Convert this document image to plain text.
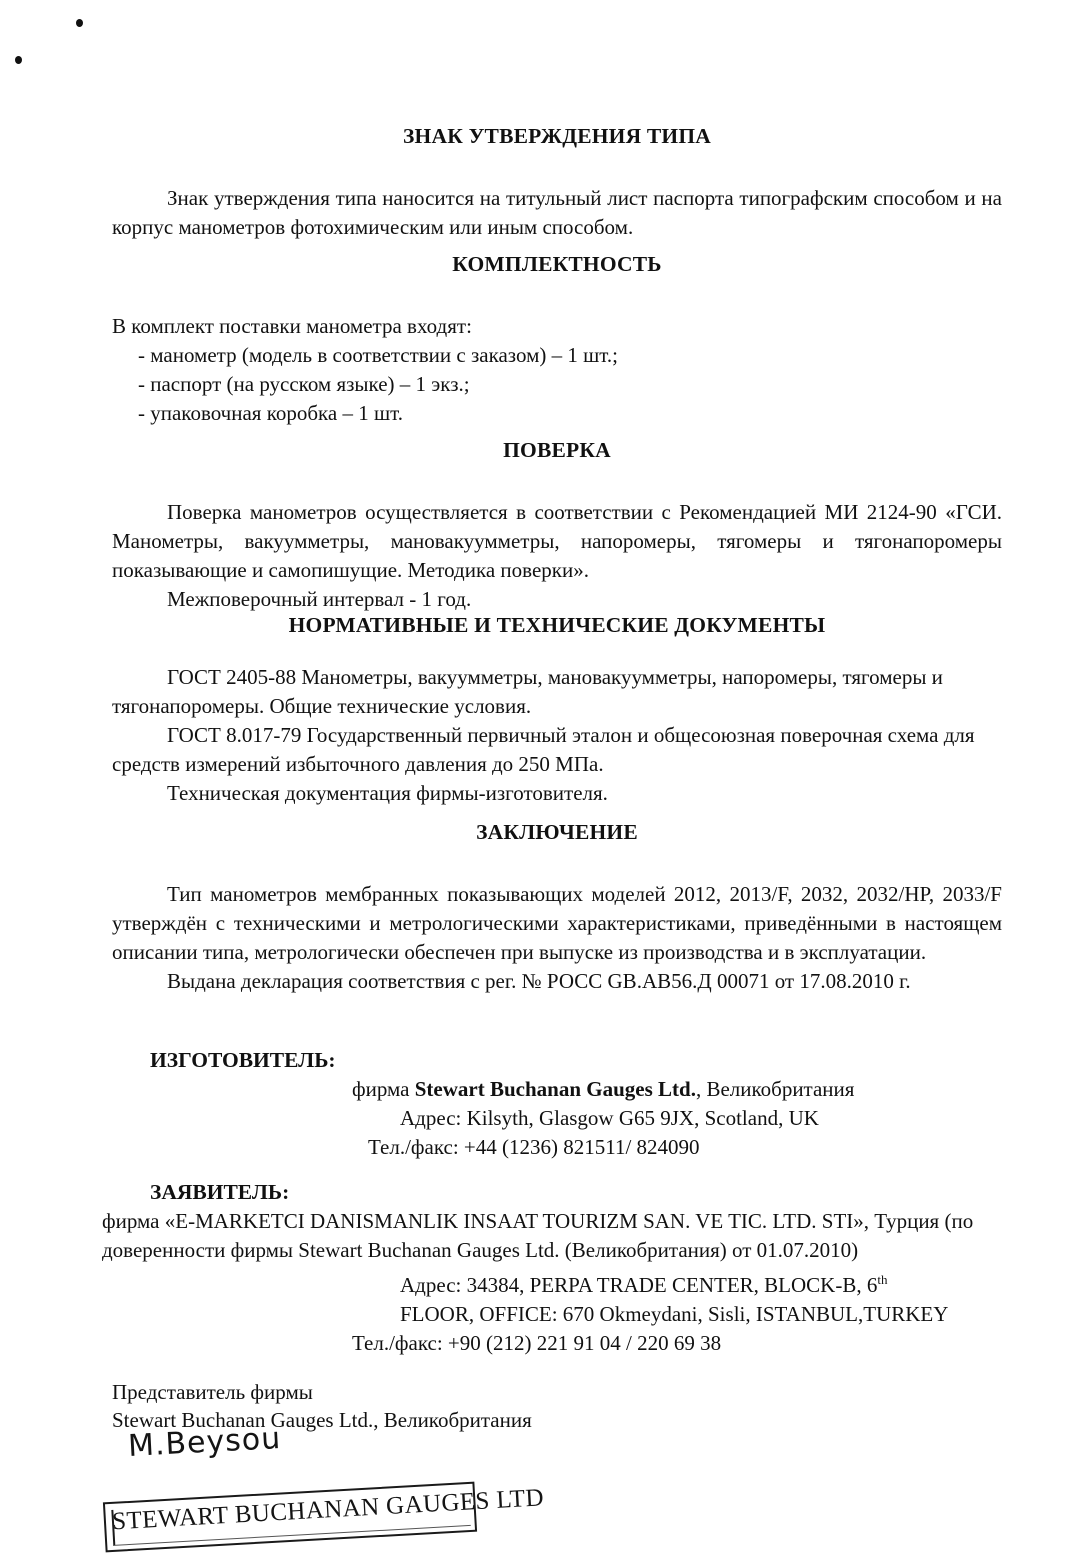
ЗНАК УТВЕРЖДЕНИЯ ТИПА

Знак утверждения типа наносится на титульный лист паспорта типографским способом и на корпус манометров фотохимическим или иным способом.

КОМПЛЕКТНОСТЬ

В комплект поставки манометра входят:

- манометр (модель в соответствии с заказом) – 1 шт.;

- паспорт (на русском языке) – 1 экз.;

- упаковочная коробка – 1 шт.

ПОВЕРКА

Поверка манометров осуществляется в соответствии с Рекомендацией МИ 2124-90 «ГСИ. Манометры, вакуумметры, мановакуумметры, напоромеры, тягомеры и тягонапоромеры показывающие и самопишущие. Методика поверки».

Межповерочный интервал - 1 год.

НОРМАТИВНЫЕ И ТЕХНИЧЕСКИЕ ДОКУМЕНТЫ

ГОСТ 2405-88 Манометры, вакуумметры, мановакуумметры, напоромеры, тягомеры и тягонапоромеры. Общие технические условия.

ГОСТ 8.017-79 Государственный первичный эталон и общесоюзная поверочная схема для средств измерений избыточного давления до 250 МПа.

Техническая документация фирмы-изготовителя.

ЗАКЛЮЧЕНИЕ

Тип манометров мембранных показывающих моделей 2012, 2013/F, 2032, 2032/HP, 2033/F утверждён с техническими и метрологическими характеристиками, приведёнными в настоящем описании типа, метрологически обеспечен при выпуске из производства и в эксплуатации.

Выдана декларация соответствия с рег. № РОСС GB.АВ56.Д 00071 от 17.08.2010 г.

ИЗГОТОВИТЕЛЬ:

фирма Stewart Buchanan Gauges Ltd., Великобритания

Адрес: Kilsyth, Glasgow G65 9JX, Scotland, UK

Тел./факс: +44 (1236) 821511/ 824090

ЗАЯВИТЕЛЬ:

фирма «E-MARKETCI DANISMANLIK INSAAT TOURIZM SAN. VE TIC. LTD. STI», Турция (по

доверенности фирмы Stewart Buchanan Gauges Ltd. (Великобритания) от 01.07.2010)

Адрес: 34384, PERPA TRADE CENTER, BLOCK-B, 6th

FLOOR, OFFICE: 670 Okmeydani, Sisli, ISTANBUL,TURKEY

Тел./факс: +90 (212) 221 91 04 / 220 69 38

Представитель фирмы

Stewart Buchanan Gauges Ltd., Великобритания

M.Beysou
STEWART BUCHANAN GAUGES LTD
